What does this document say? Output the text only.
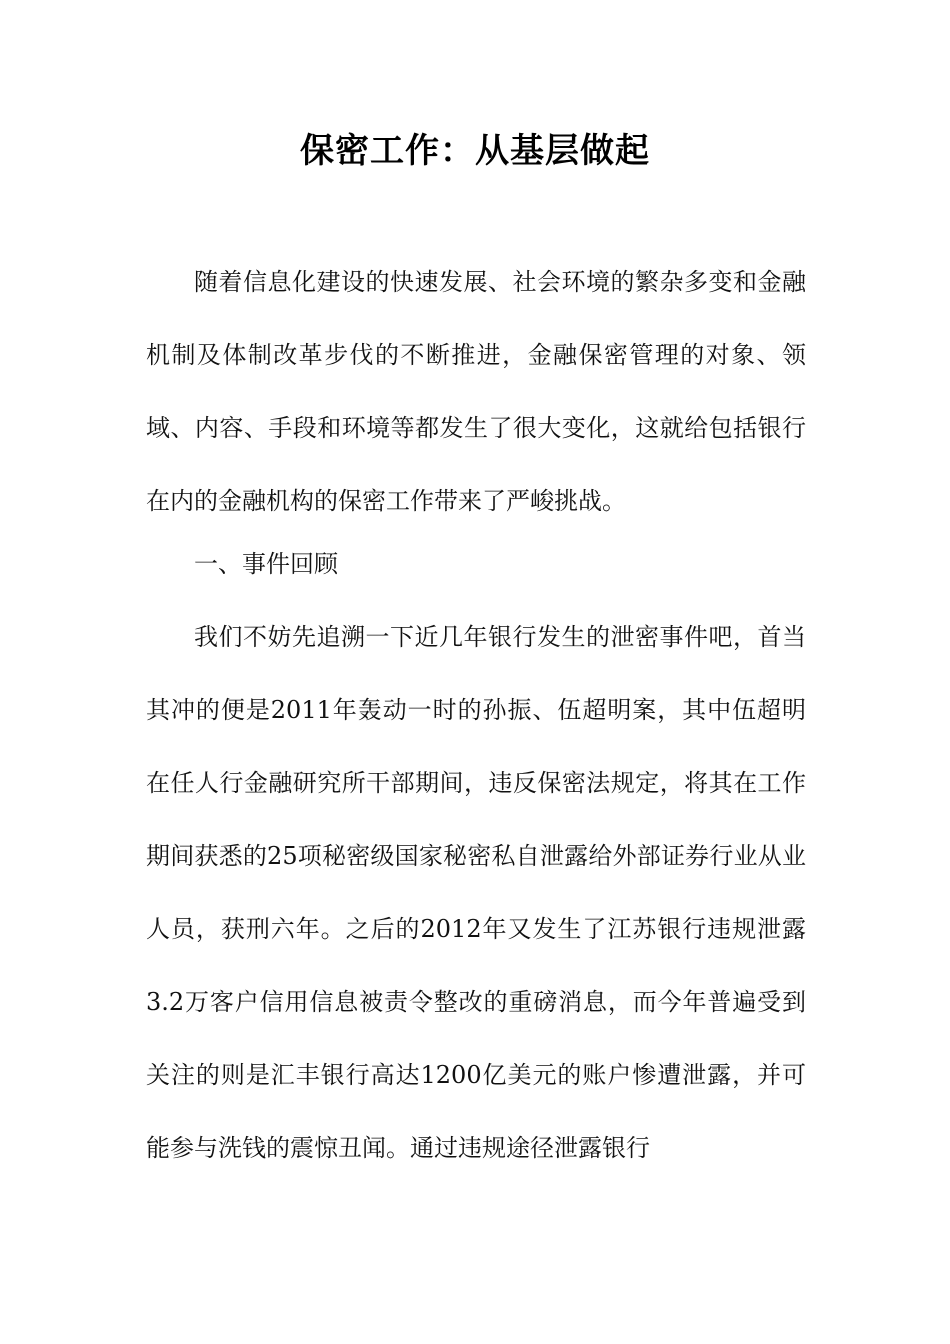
保密工作：从基层做起

随着信息化建设的快速发展、社会环境的繁杂多变和金融机制及体制改革步伐的不断推进，金融保密管理的对象、领域、内容、手段和环境等都发生了很大变化，这就给包括银行在内的金融机构的保密工作带来了严峻挑战。

一、事件回顾

我们不妨先追溯一下近几年银行发生的泄密事件吧，首当其冲的便是2011年轰动一时的孙振、伍超明案，其中伍超明在任人行金融研究所干部期间，违反保密法规定，将其在工作期间获悉的25项秘密级国家秘密私自泄露给外部证券行业从业人员，获刑六年。之后的2012年又发生了江苏银行违规泄露3.2万客户信用信息被责令整改的重磅消息，而今年普遍受到关注的则是汇丰银行高达1200亿美元的账户惨遭泄露，并可能参与洗钱的震惊丑闻。通过违规途径泄露银行
